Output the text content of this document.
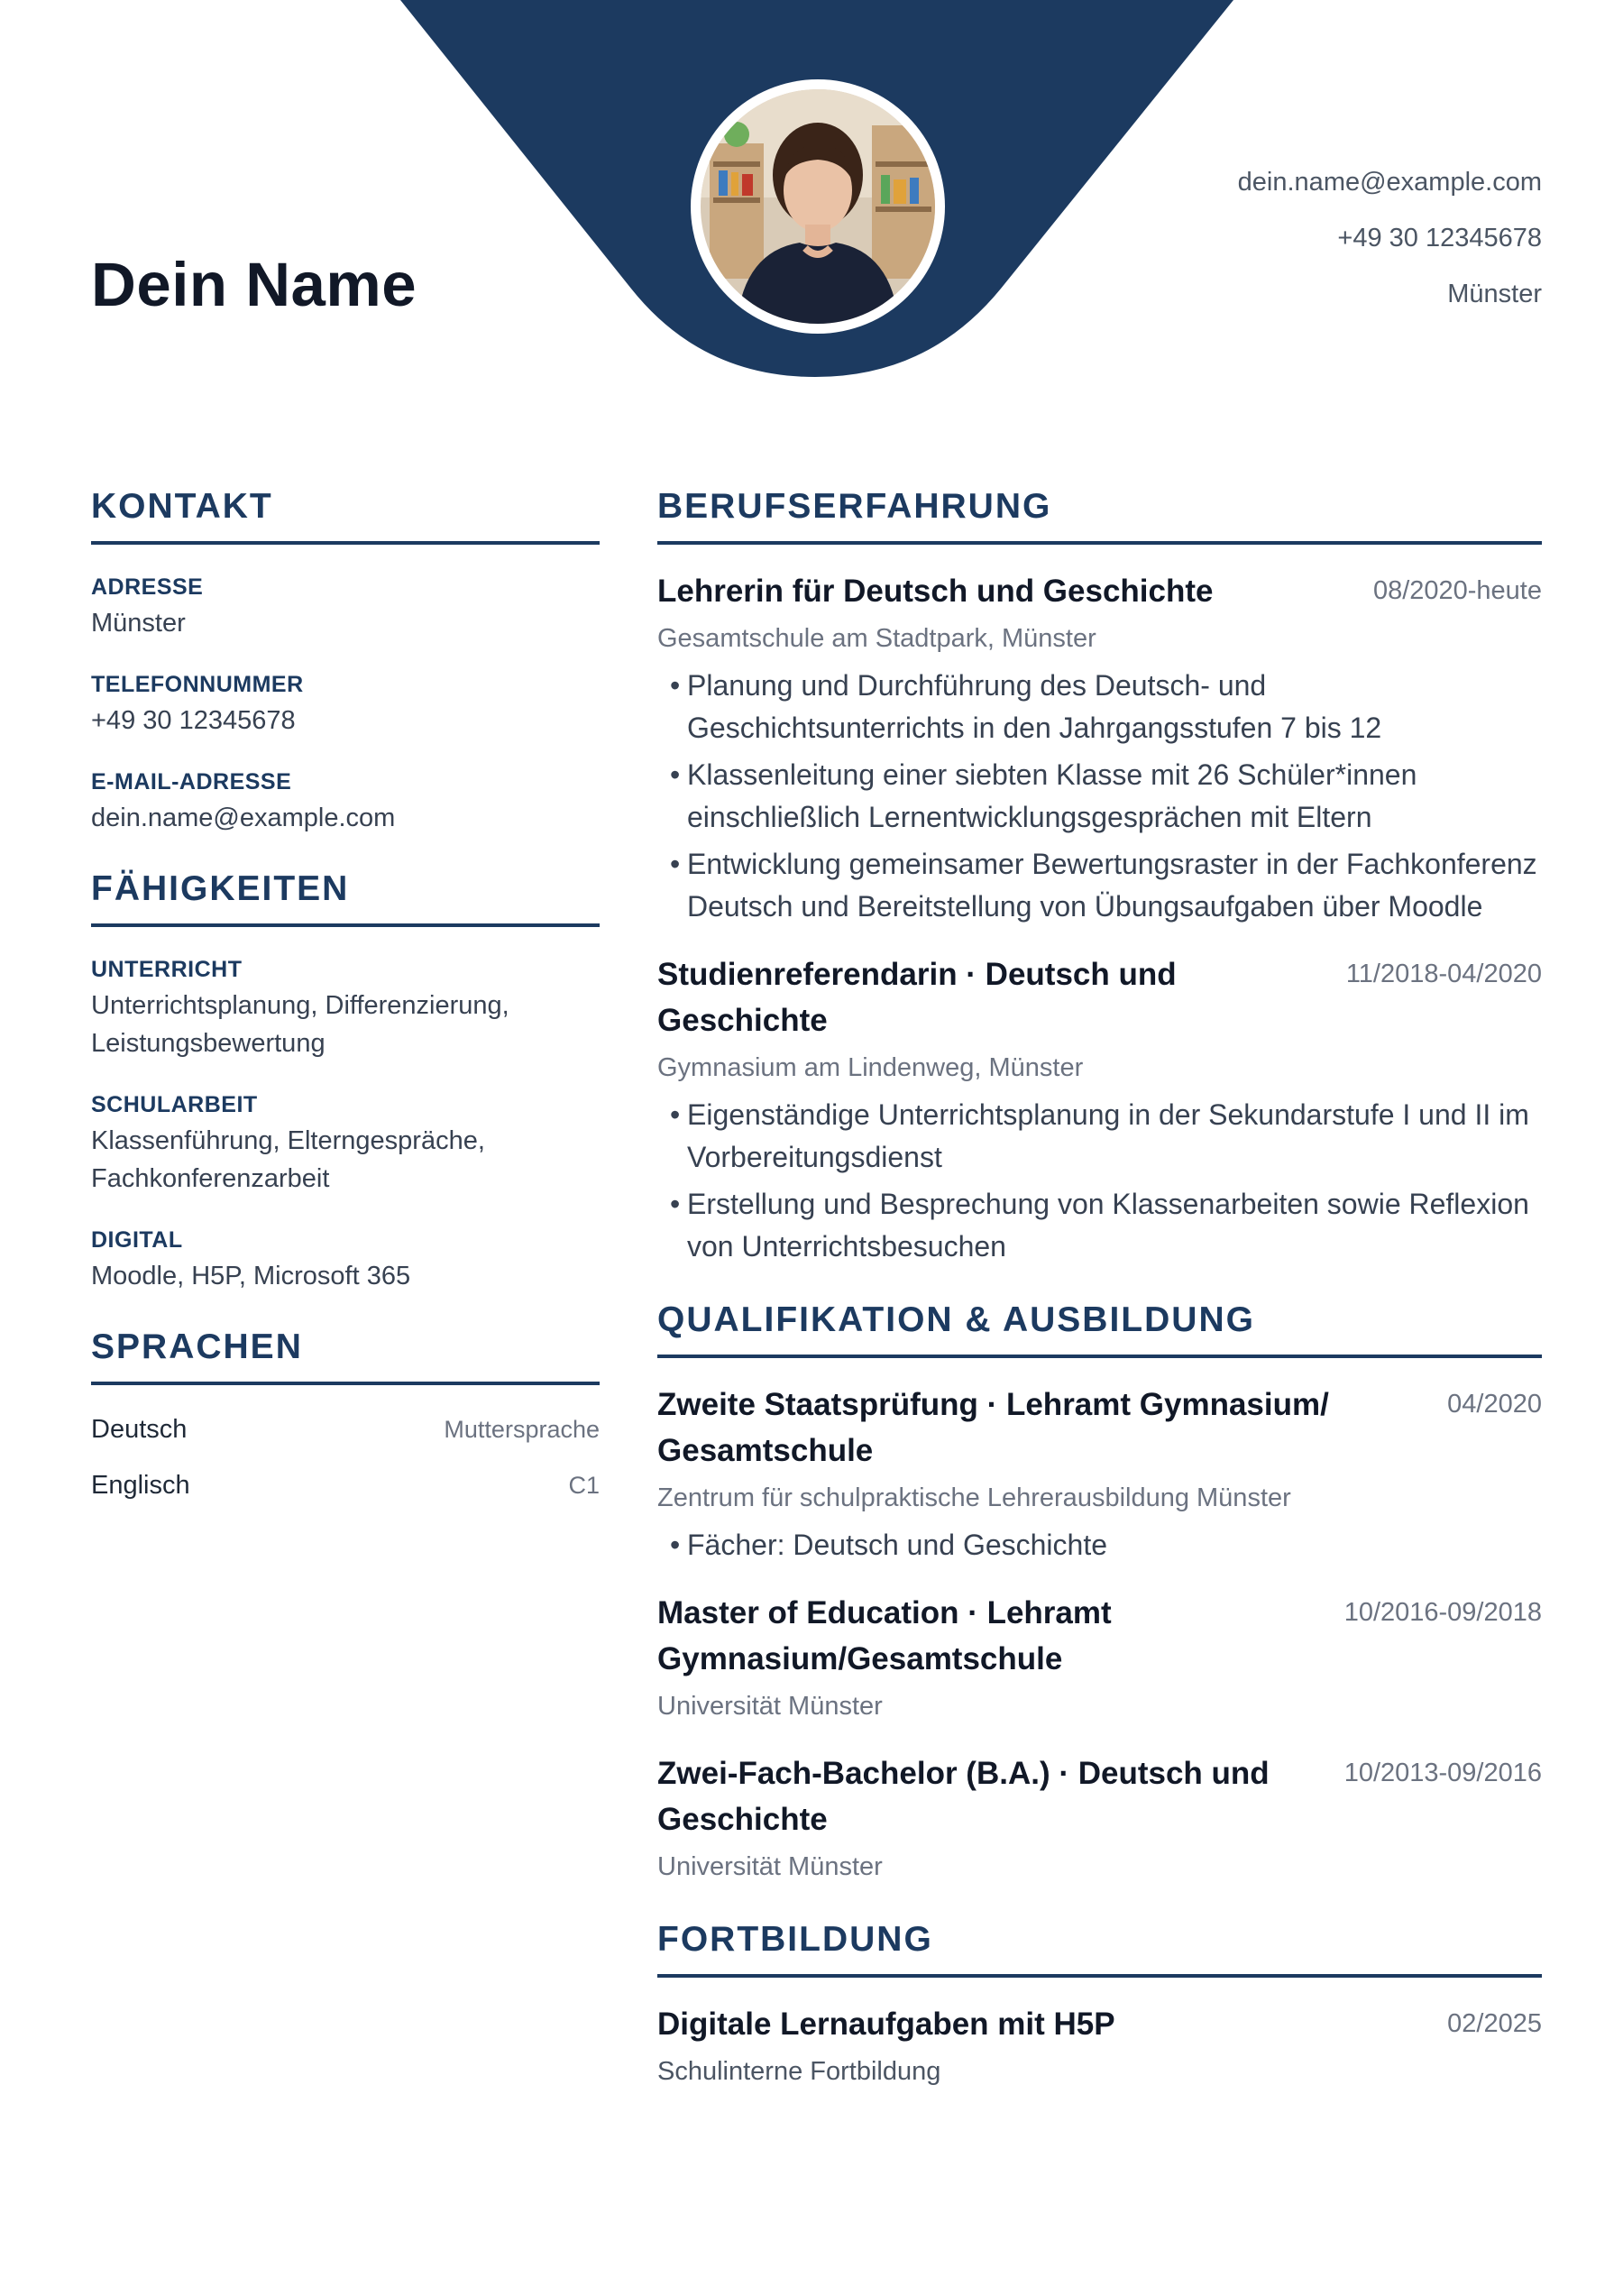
Dein Name
dein.name@example.com
+49 30 12345678
Münster
KONTAKT
ADRESSE
Münster
TELEFONNUMMER
+49 30 12345678
E-MAIL-ADRESSE
dein.name@example.com
FÄHIGKEITEN
UNTERRICHT
Unterrichtsplanung, Differenzierung, Leistungsbewertung
SCHULARBEIT
Klassenführung, Elterngespräche, Fachkonferenzarbeit
DIGITAL
Moodle, H5P, Microsoft 365
SPRACHEN
Deutsch	Muttersprache
Englisch	C1
BERUFSERFAHRUNG
Lehrerin für Deutsch und Geschichte	08/2020-heute
Gesamtschule am Stadtpark, Münster
• Planung und Durchführung des Deutsch- und Geschichtsunterrichts in den Jahrgangsstufen 7 bis 12
• Klassenleitung einer siebten Klasse mit 26 Schüler*innen einschließlich Lernentwicklungsgesprächen mit Eltern
• Entwicklung gemeinsamer Bewertungsraster in der Fachkonferenz Deutsch und Bereitstellung von Übungsaufgaben über Moodle
Studienreferendarin · Deutsch und Geschichte
11/2018-04/2020
Gymnasium am Lindenweg, Münster
• Eigenständige Unterrichtsplanung in der Sekundarstufe I und II im Vorbereitungsdienst
• Erstellung und Besprechung von Klassenarbeiten sowie Reflexion von Unterrichtsbesuchen
QUALIFIKATION & AUSBILDUNG
Zweite Staatsprüfung · Lehramt Gymnasium/ Gesamtschule
04/2020
Zentrum für schulpraktische Lehrerausbildung Münster
• Fächer: Deutsch und Geschichte
Master of Education · Lehramt Gymnasium/Gesamtschule
10/2016-09/2018
Universität Münster
Zwei-Fach-Bachelor (B.A.) · Deutsch und Geschichte
10/2013-09/2016
Universität Münster
FORTBILDUNG
Digitale Lernaufgaben mit H5P	02/2025
Schulinterne Fortbildung
